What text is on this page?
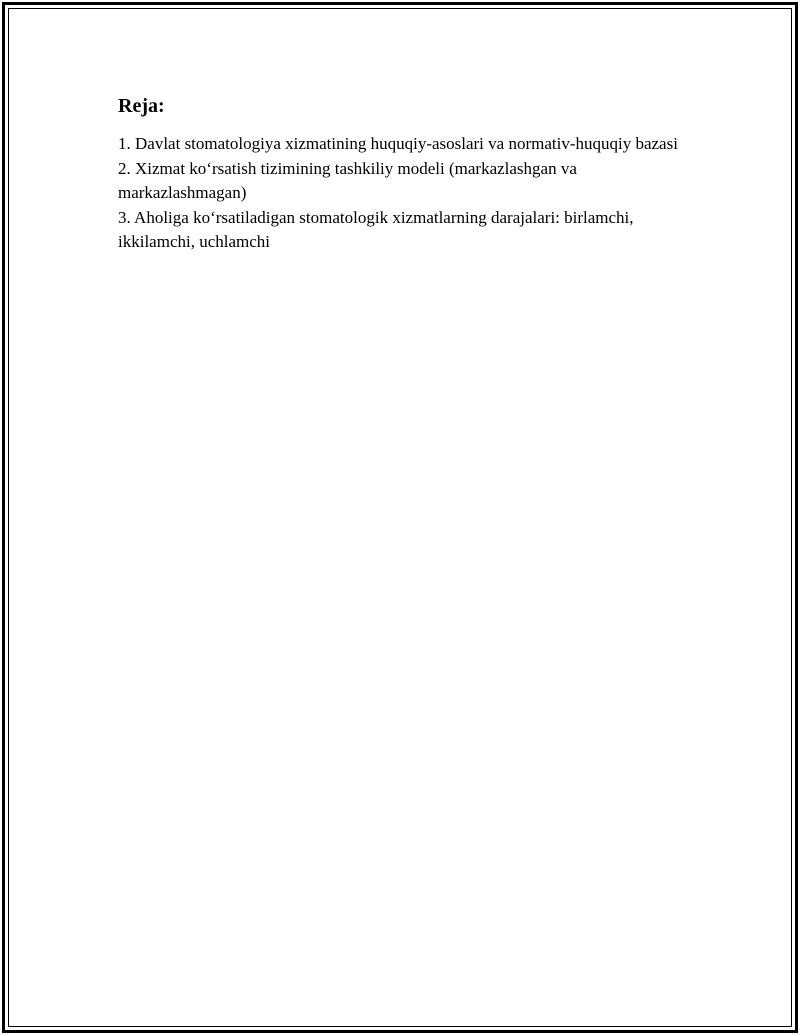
Reja:
1. Davlat stomatologiya xizmatining huquqiy-asoslari va normativ-huquqiy bazasi
2. Xizmat ko‘rsatish tizimining tashkiliy modeli (markazlashgan va markazlashmagan)
3. Aholiga ko‘rsatiladigan stomatologik xizmatlarning darajalari: birlamchi, ikkilamchi, uchlamchi
